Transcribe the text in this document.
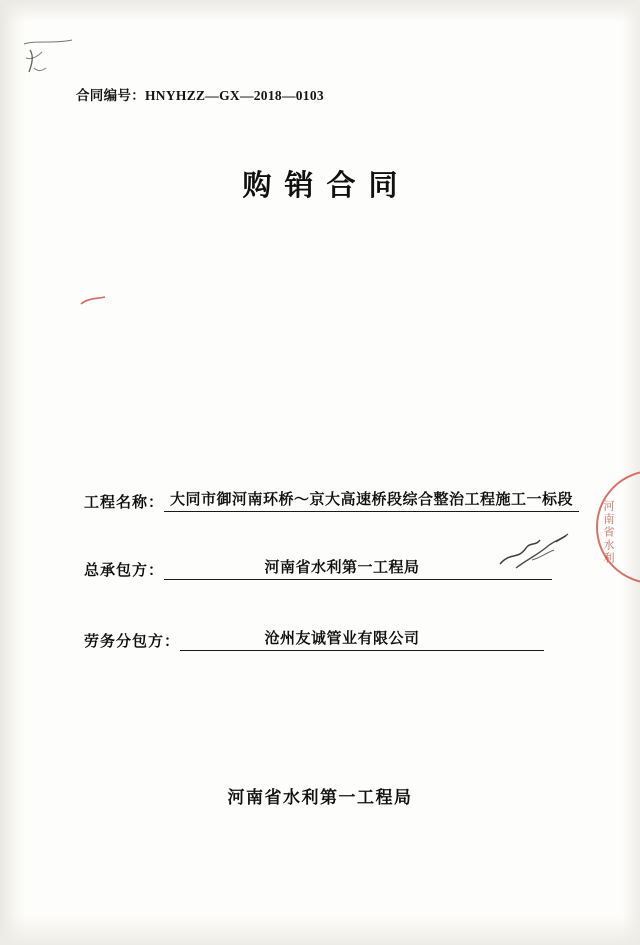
合同编号：HNYHZZ—GX—2018—0103
购销合同
工程名称： 大同市御河南环桥～京大高速桥段综合整治工程施工一标段
总承包方：	河南省水利第一工程局
劳务分包方：	沧州友诚管业有限公司
河南省水利
河南省水利第一工程局
